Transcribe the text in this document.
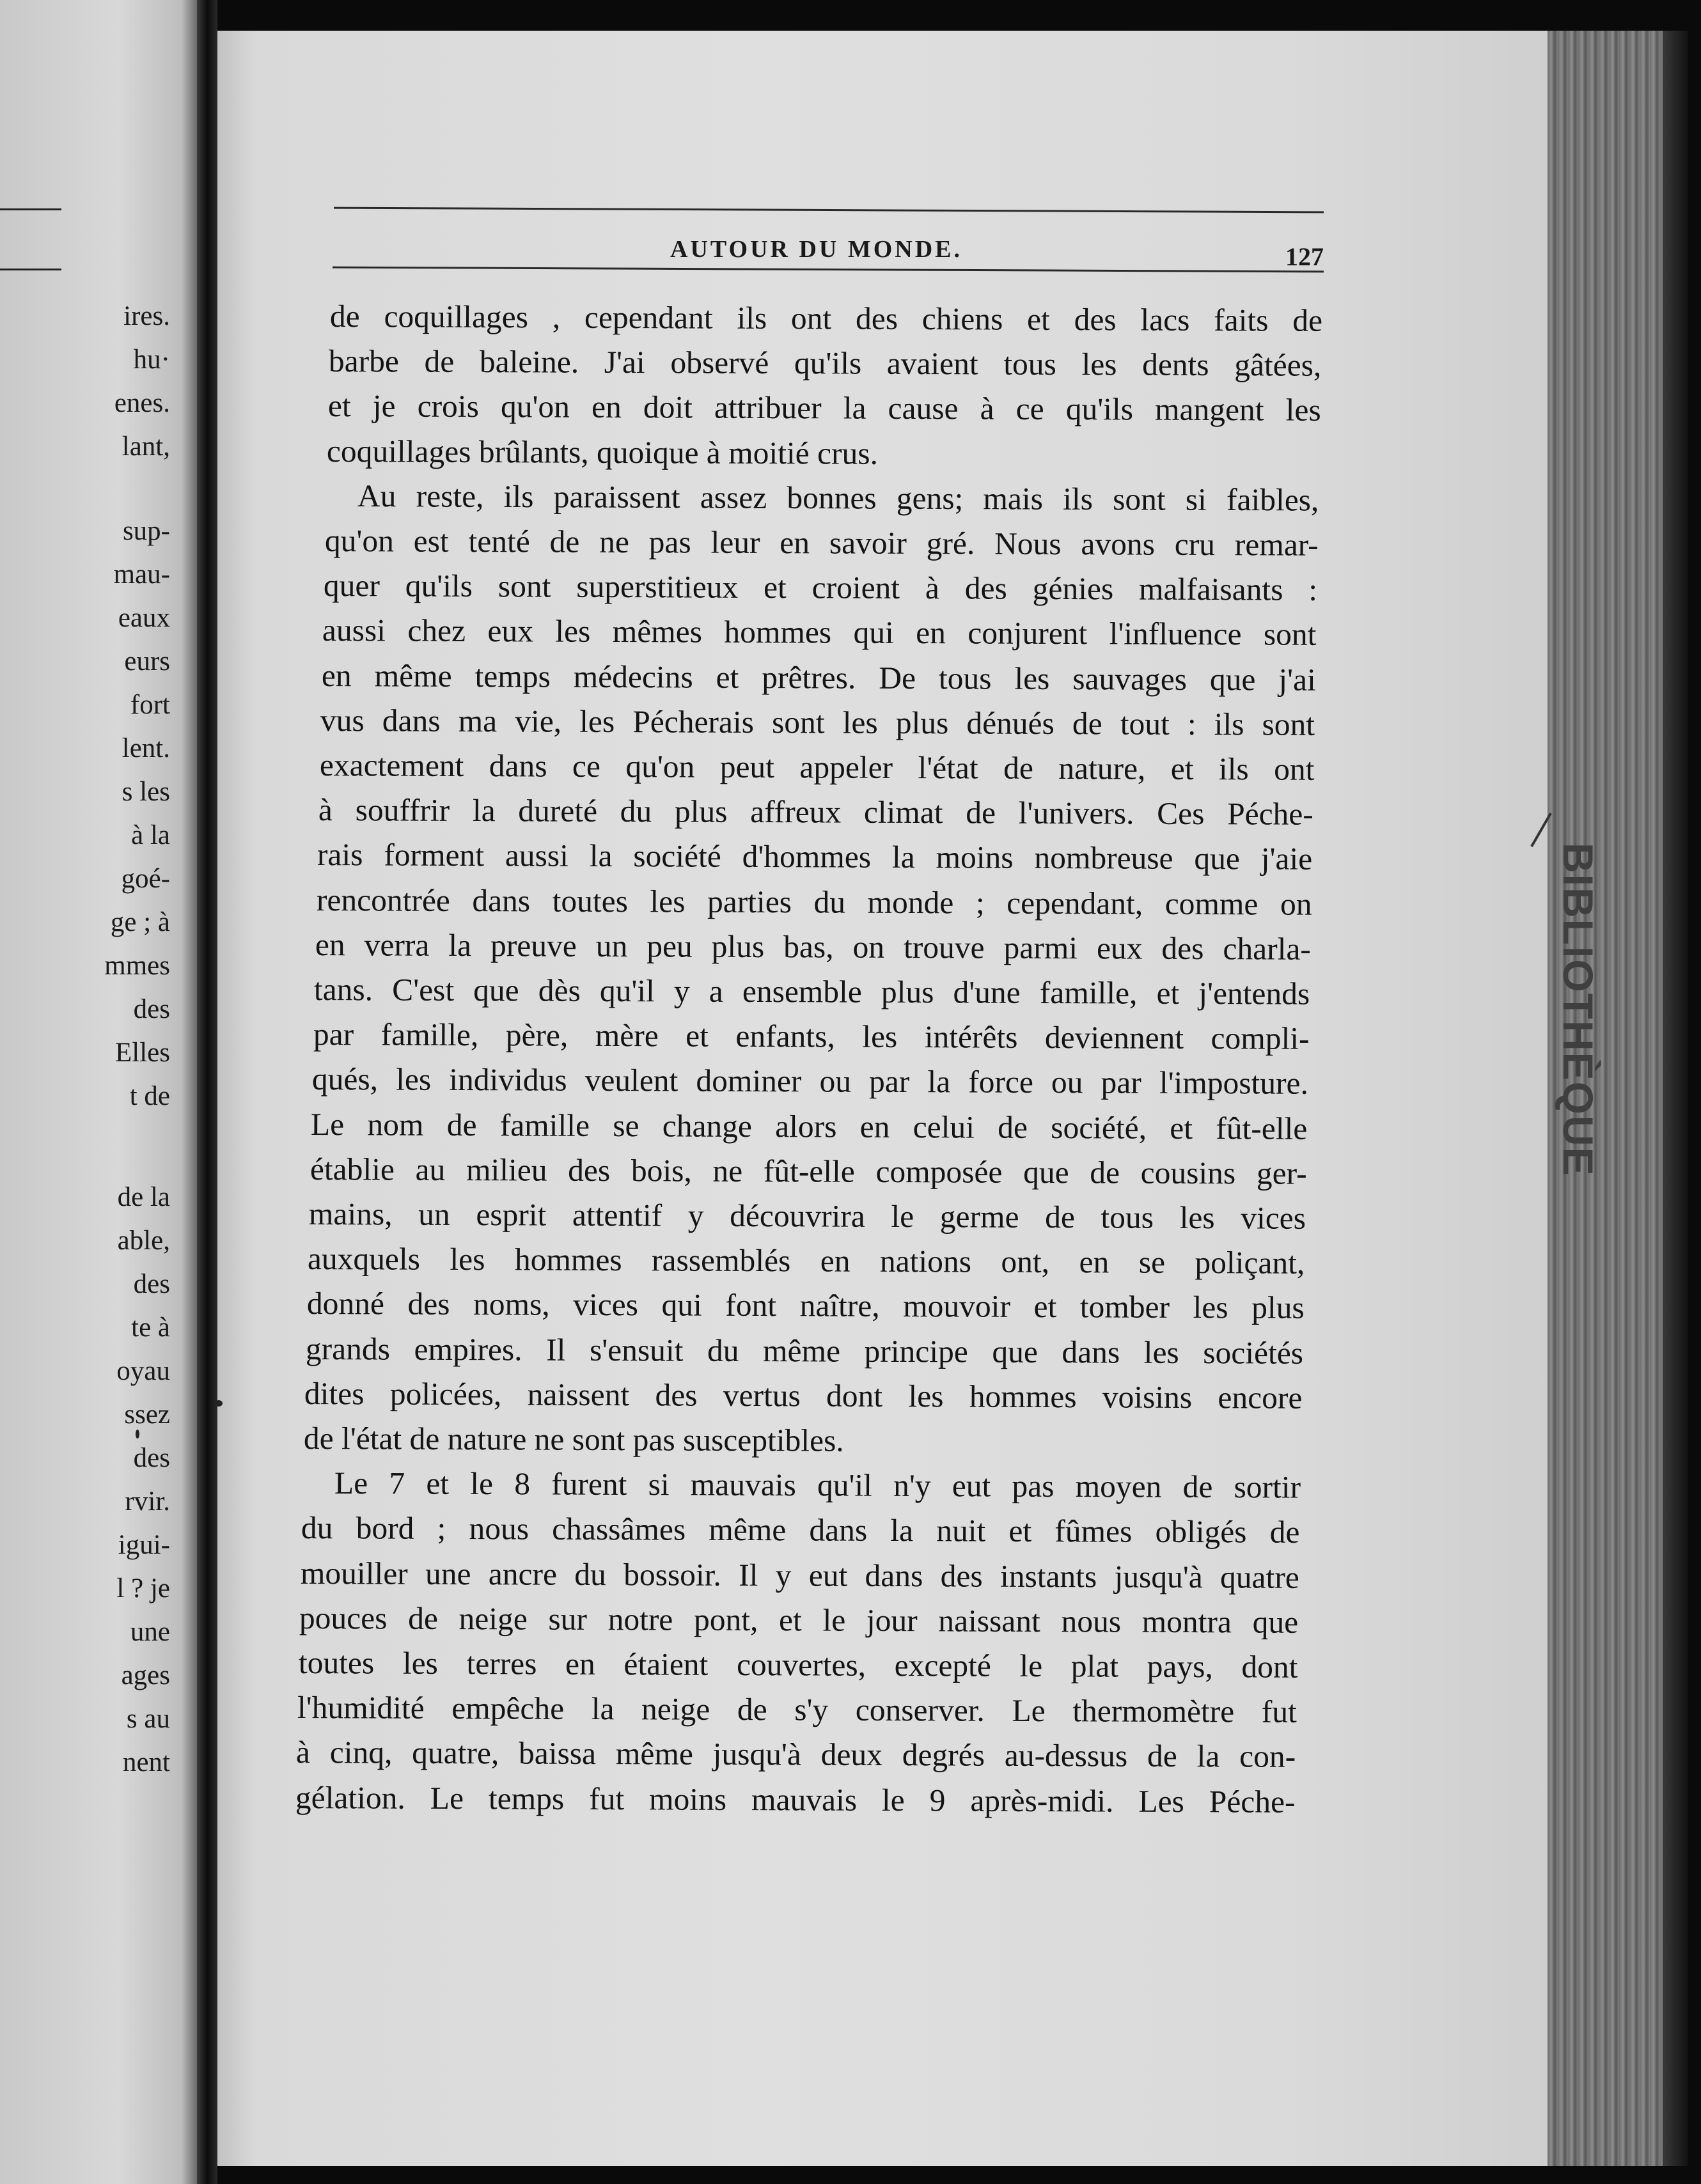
ires.
hu·
enes.
lant,
sup-
mau-
eaux
eurs
fort
lent.
s les
à la
goé-
ge ; à
mmes
des
Elles
t de
de la
able,
des
te à
oyau
ssez
des
rvir.
igui-
l ? je
une
ages
s au
nent
AUTOUR DU MONDE.	127
de coquillages , cependant ils ont des chiens et des lacs faits de
barbe de baleine. J'ai observé qu'ils avaient tous les dents gâtées,
et je crois qu'on en doit attribuer la cause à ce qu'ils mangent les
coquillages brûlants, quoique à moitié crus.
Au reste, ils paraissent assez bonnes gens; mais ils sont si faibles,
qu'on est tenté de ne pas leur en savoir gré. Nous avons cru remar-
quer qu'ils sont superstitieux et croient à des génies malfaisants :
aussi chez eux les mêmes hommes qui en conjurent l'influence sont
en même temps médecins et prêtres. De tous les sauvages que j'ai
vus dans ma vie, les Pécherais sont les plus dénués de tout : ils sont
exactement dans ce qu'on peut appeler l'état de nature, et ils ont
à souffrir la dureté du plus affreux climat de l'univers. Ces Péche-
rais forment aussi la société d'hommes la moins nombreuse que j'aie
rencontrée dans toutes les parties du monde ; cependant, comme on
en verra la preuve un peu plus bas, on trouve parmi eux des charla-
tans. C'est que dès qu'il y a ensemble plus d'une famille, et j'entends
par famille, père, mère et enfants, les intérêts deviennent compli-
qués, les individus veulent dominer ou par la force ou par l'imposture.
Le nom de famille se change alors en celui de société, et fût-elle
établie au milieu des bois, ne fût-elle composée que de cousins ger-
mains, un esprit attentif y découvrira le germe de tous les vices
auxquels les hommes rassemblés en nations ont, en se poliçant,
donné des noms, vices qui font naître, mouvoir et tomber les plus
grands empires. Il s'ensuit du même principe que dans les sociétés
dites policées, naissent des vertus dont les hommes voisins encore
de l'état de nature ne sont pas susceptibles.
Le 7 et le 8 furent si mauvais qu'il n'y eut pas moyen de sortir
du bord ; nous chassâmes même dans la nuit et fûmes obligés de
mouiller une ancre du bossoir. Il y eut dans des instants jusqu'à quatre
pouces de neige sur notre pont, et le jour naissant nous montra que
toutes les terres en étaient couvertes, excepté le plat pays, dont
l'humidité empêche la neige de s'y conserver. Le thermomètre fut
à cinq, quatre, baissa même jusqu'à deux degrés au-dessus de la con-
gélation. Le temps fut moins mauvais le 9 après-midi. Les Péche-
BIBLIOTHÈQUE
